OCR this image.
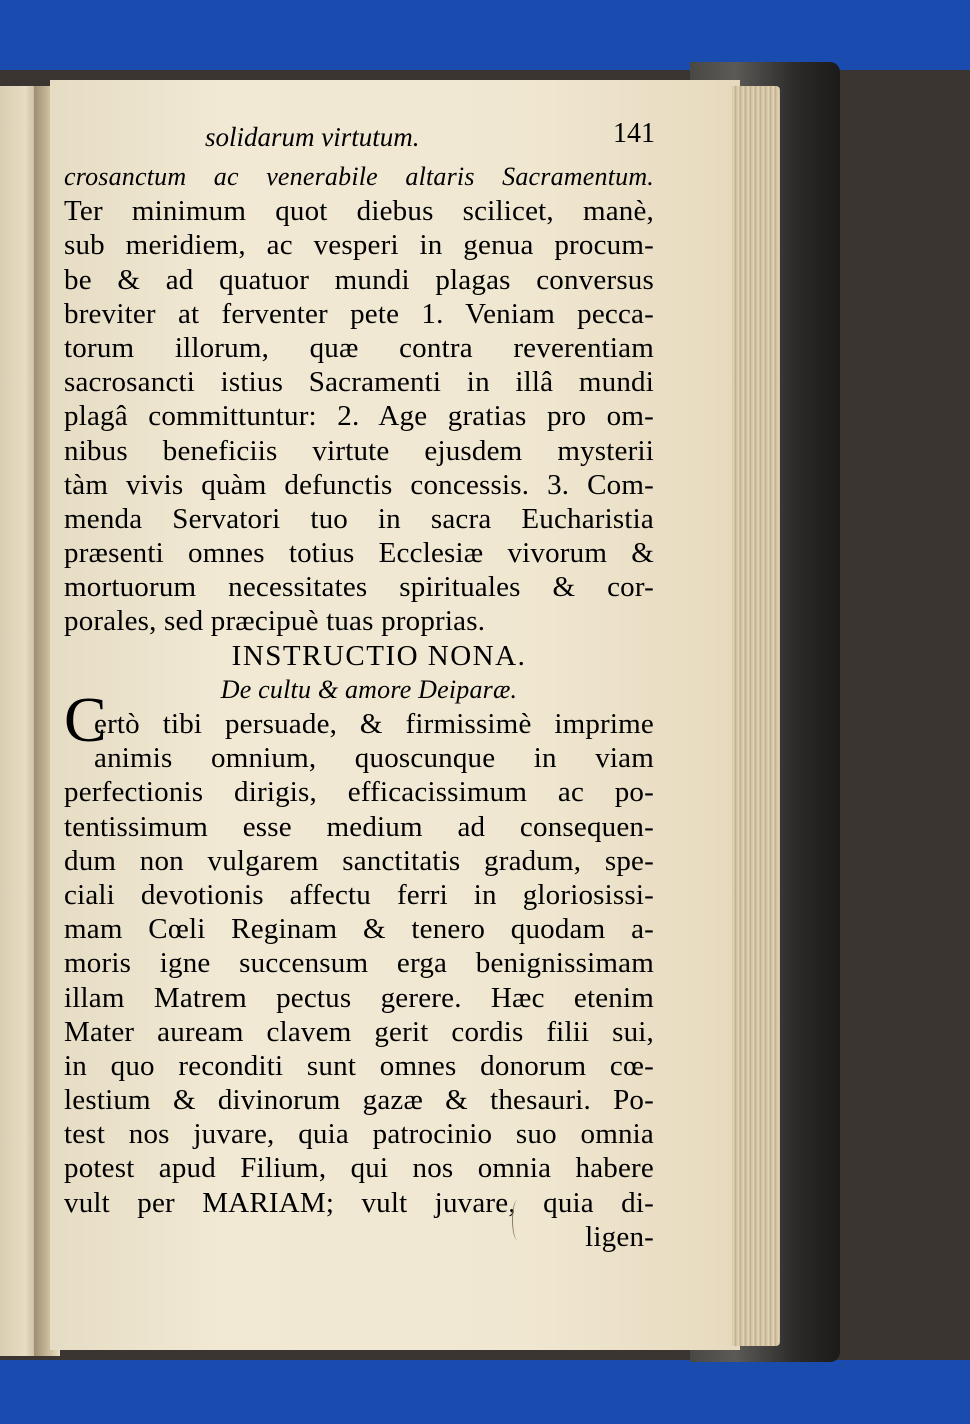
solidarum virtutum.	141
crosanctum ac venerabile altaris Sacramentum.
Ter minimum quot diebus scilicet, manè,
sub meridiem, ac vesperi in genua procum-
be & ad quatuor mundi plagas conversus
breviter at ferventer pete 1. Veniam pecca-
torum illorum, quæ contra reverentiam
sacrosancti istius Sacramenti in illâ mundi
plagâ committuntur: 2. Age gratias pro om-
nibus beneficiis virtute ejusdem mysterii
tàm vivis quàm defunctis concessis. 3. Com-
menda Servatori tuo in sacra Eucharistia
præsenti omnes totius Ecclesiæ vivorum &
mortuorum necessitates spirituales & cor-
porales, sed præcipuè tuas proprias.
INSTRUCTIO NONA.
De cultu & amore Deiparæ.
ertò tibi persuade, & firmissimè imprime
animis omnium, quoscunque in viam
perfectionis dirigis, efficacissimum ac po-
tentissimum esse medium ad consequen-
dum non vulgarem sanctitatis gradum, spe-
ciali devotionis affectu ferri in gloriosissi-
mam Cœli Reginam & tenero quodam a-
moris igne succensum erga benignissimam
illam Matrem pectus gerere. Hæc etenim
Mater auream clavem gerit cordis filii sui,
in quo reconditi sunt omnes donorum cœ-
lestium & divinorum gazæ & thesauri. Po-
test nos juvare, quia patrocinio suo omnia
potest apud Filium, qui nos omnia habere
vult per MARIAM; vult juvare, quia di-
ligen-
C
